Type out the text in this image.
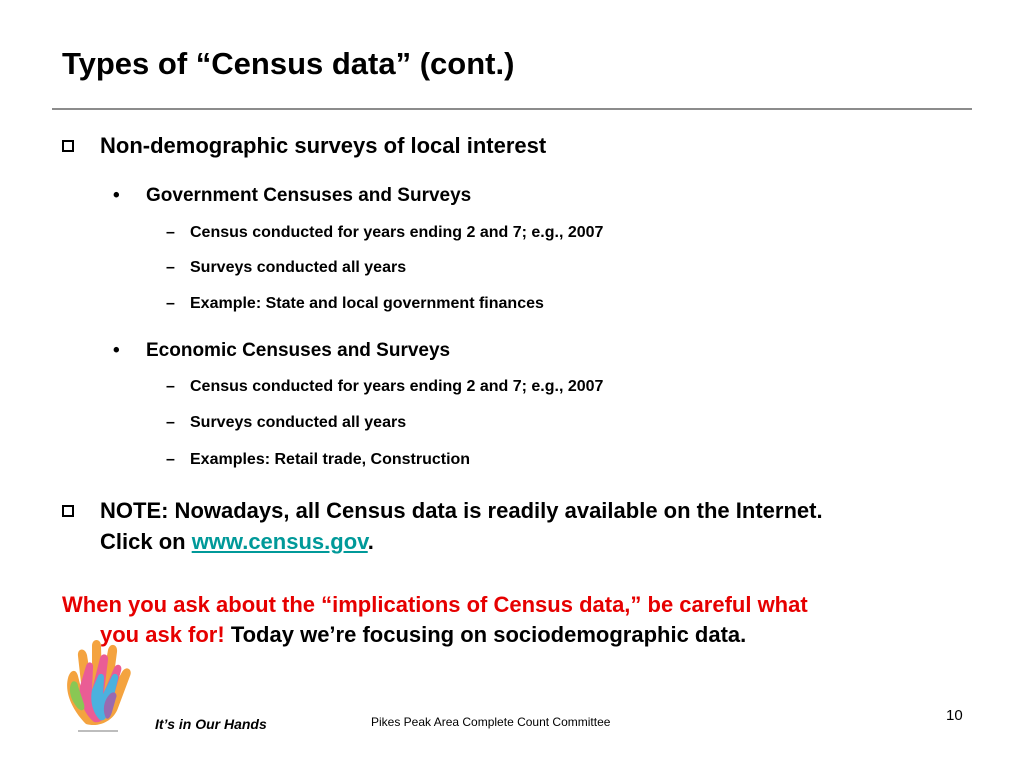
Types of “Census data” (cont.)
Non-demographic surveys of local interest
• Government Censuses and Surveys
– Census conducted for years ending 2 and 7; e.g., 2007
– Surveys conducted all years
– Example: State and local government finances
• Economic Censuses and Surveys
– Census conducted for years ending 2 and 7; e.g., 2007
– Surveys conducted all years
– Examples: Retail trade, Construction
NOTE: Nowadays, all Census data is readily available on the Internet.
Click on www.census.gov.
When you ask about the “implications of Census data,” be careful what
you ask for! Today we’re focusing on sociodemographic data.
It’s in Our Hands	Pikes Peak Area Complete Count Committee	10
